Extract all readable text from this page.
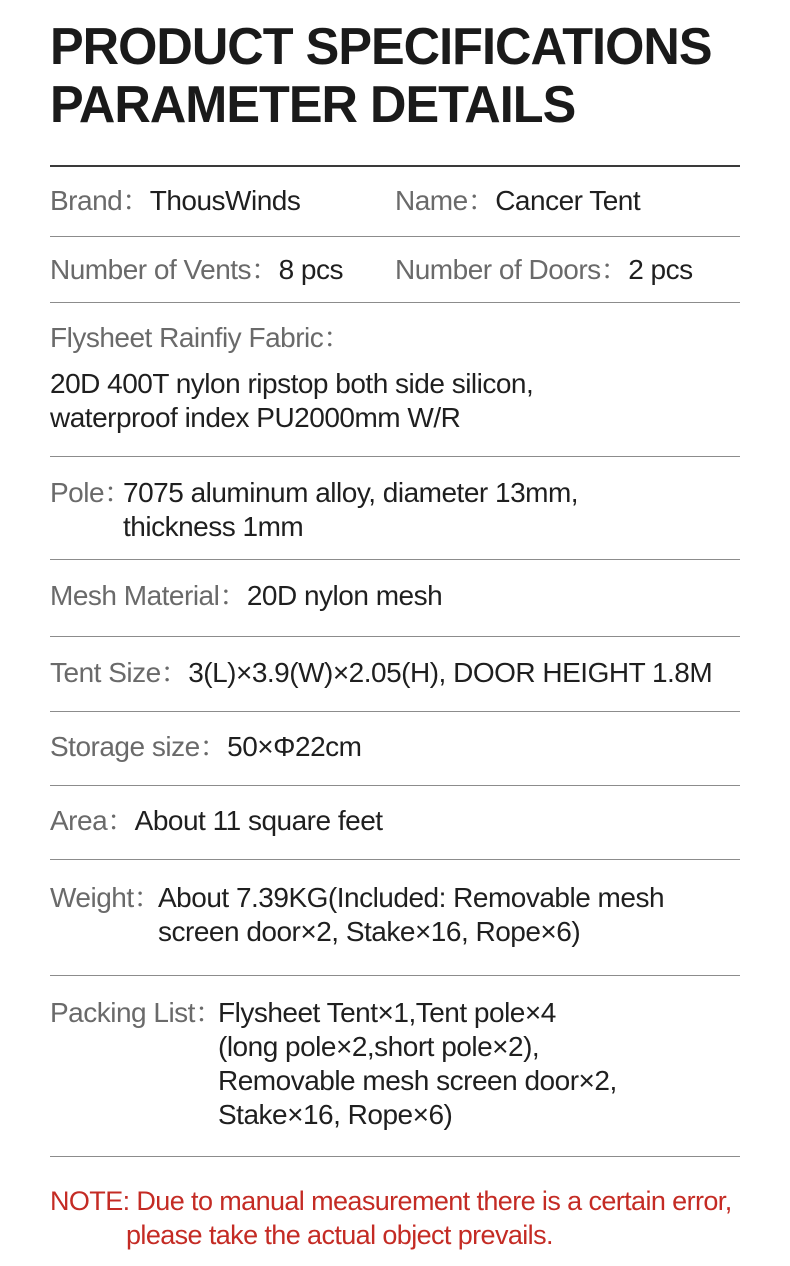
PRODUCT SPECIFICATIONS
PARAMETER DETAILS
Brand：ThousWinds	Name：Cancer Tent
Number of Vents：8 pcs Number of Doors：2 pcs
Flysheet Rainfiy Fabric：
20D 400T nylon ripstop both side silicon,
waterproof index PU2000mm W/R
Pole：
7075 aluminum alloy, diameter 13mm,
thickness 1mm
Mesh Material：20D nylon mesh
Tent Size：3(L)×3.9(W)×2.05(H), DOOR HEIGHT 1.8M
Storage size：50×Φ22cm
Area：About 11 square feet
Weight：
About 7.39KG(Included: Removable mesh
screen door×2, Stake×16, Rope×6)
Packing List：
Flysheet Tent×1,Tent pole×4
(long pole×2,short pole×2),
Removable mesh screen door×2,
Stake×16, Rope×6)
NOTE: Due to manual measurement there is a certain error,
please take the actual object prevails.
